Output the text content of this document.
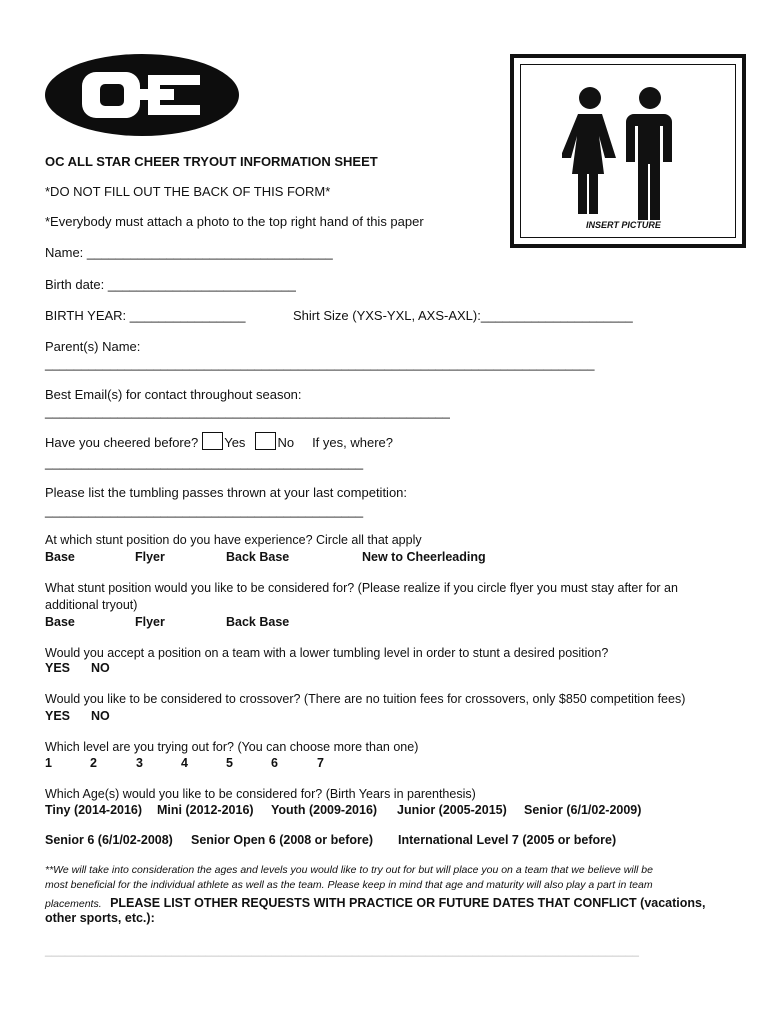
INSERT PICTURE
OC ALL STAR CHEER TRYOUT INFORMATION SHEET
*DO NOT FILL OUT THE BACK OF THIS FORM*
*Everybody must attach a photo to the top right hand of this paper
Name: __________________________________
Birth date: __________________________
BIRTH YEAR: ________________	Shirt Size (YXS-YXL, AXS-AXL):_____________________
Parent(s) Name:
____________________________________________________________________________
Best Email(s) for contact throughout season:
________________________________________________________
Have you cheered before? Yes No If yes, where?
____________________________________________
Please list the tumbling passes thrown at your last competition:
____________________________________________
At which stunt position do you have experience? Circle all that apply
Base	Flyer	Back Base	New to Cheerleading
What stunt position would you like to be considered for? (Please realize if you circle flyer you must stay after for an
additional tryout)
Base	Flyer	Back Base
Would you accept a position on a team with a lower tumbling level in order to stunt a desired position?
YES NO
Would you like to be considered to crossover? (There are no tuition fees for crossovers, only $850 competition fees)
YES NO
Which level are you trying out for? (You can choose more than one)
1	2	3	4	5	6	7
Which Age(s) would you like to be considered for? (Birth Years in parenthesis)
Tiny (2014-2016) Mini (2012-2016) Youth (2009-2016) Junior (2005-2015) Senior (6/1/02-2009)
Senior 6 (6/1/02-2008) Senior Open 6 (2008 or before) International Level 7 (2005 or before)
**We will take into consideration the ages and levels you would like to try out for but will place you on a team that we believe will be
most beneficial for the individual athlete as well as the team. Please keep in mind that age and maturity will also play a part in team
placements. PLEASE LIST OTHER REQUESTS WITH PRACTICE OR FUTURE DATES THAT CONFLICT (vacations,
other sports, etc.):
_________________________________________________________________________________________
